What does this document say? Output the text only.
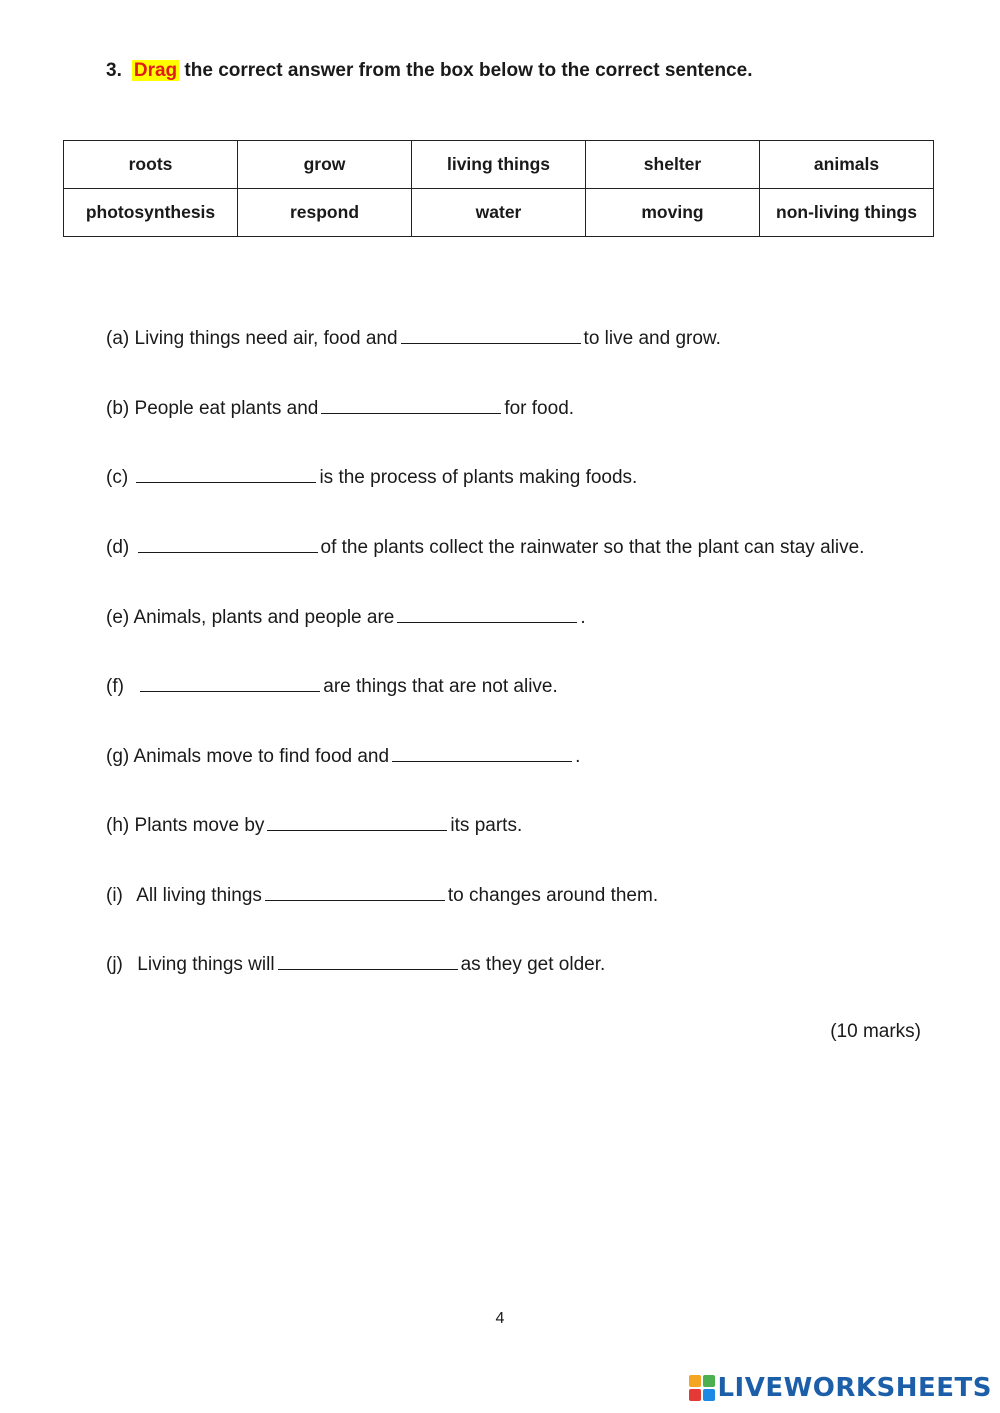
3. Drag the correct answer from the box below to the correct sentence.
roots	grow	living things	shelter	animals
photosynthesis	respond	water	moving	non-living things
(a) Living things need air, food and	to live and grow.
(b) People eat plants and	for food.
(c)	is the process of plants making foods.
(d)	of the plants collect the rainwater so that the plant can stay alive.
(e) Animals, plants and people are	.
(f)	are things that are not alive.
(g) Animals move to find food and	.
(h) Plants move by	its parts.
(i) All living things	to changes around them.
(j) Living things will	as they get older.
(10 marks)
4
LIVEWORKSHEETS
